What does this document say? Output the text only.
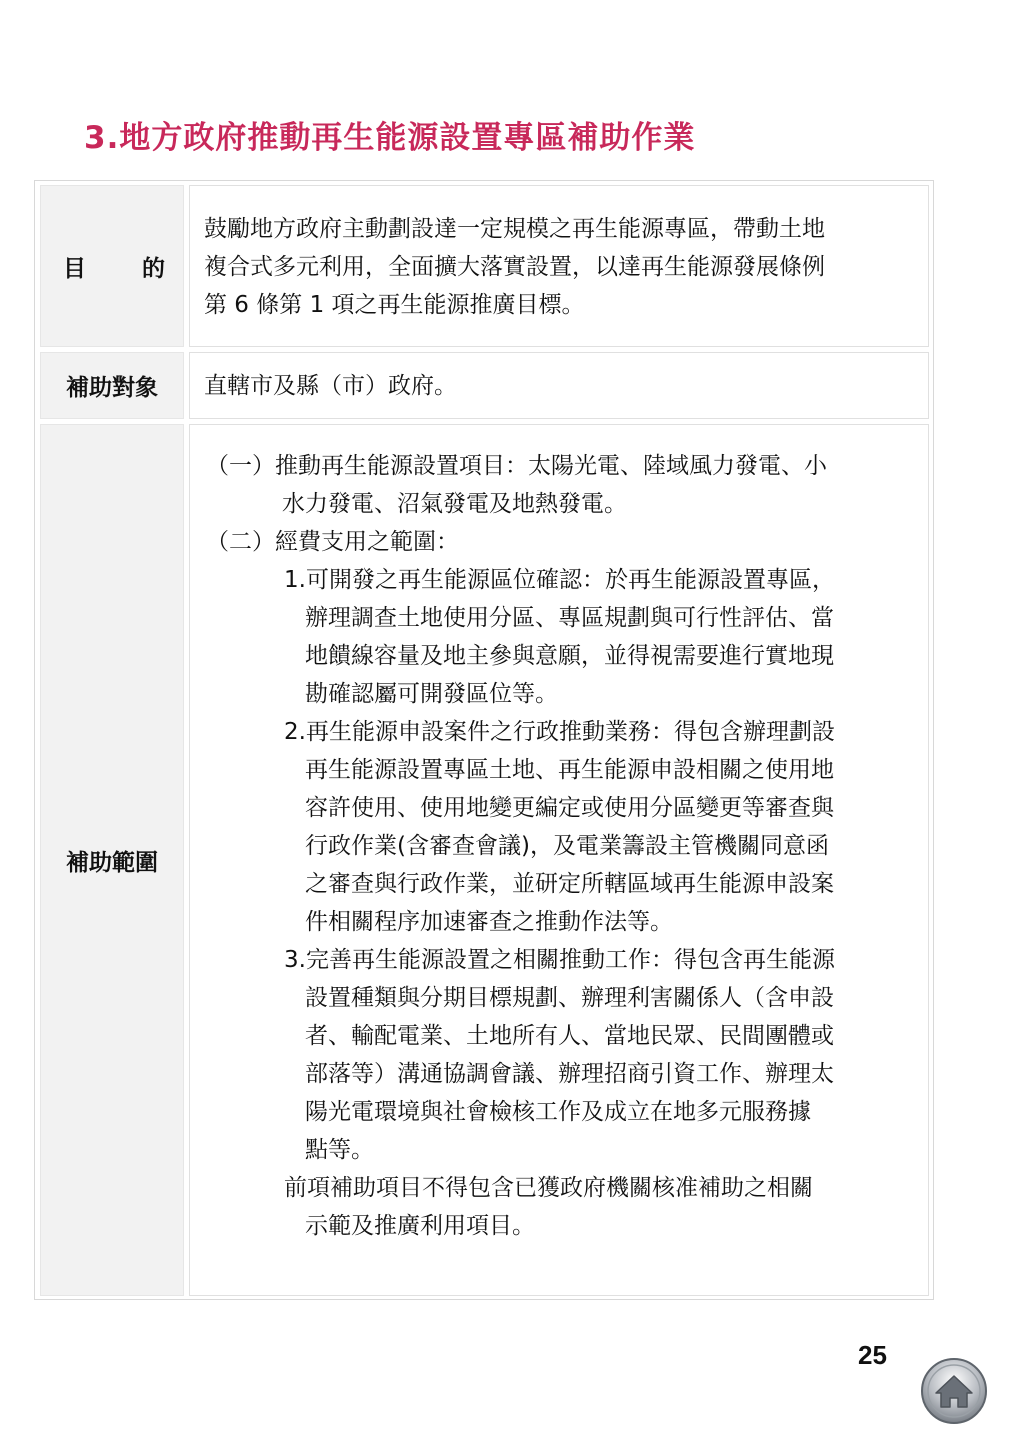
3.地方政府推動再生能源設置專區補助作業
目 的
鼓勵地方政府主動劃設達一定規模之再生能源專區，帶動土地
複合式多元利用，全面擴大落實設置，以達再生能源發展條例
第 6 條第 1 項之再生能源推廣目標。
補助對象	直轄市及縣（市）政府。
補助範圍
（一）推動再生能源設置項目：太陽光電、陸域風力發電、小
水力發電、沼氣發電及地熱發電。
（二）經費支用之範圍：
1.可開發之再生能源區位確認：於再生能源設置專區，
辦理調查土地使用分區、專區規劃與可行性評估、當
地饋線容量及地主參與意願，並得視需要進行實地現
勘確認屬可開發區位等。
2.再生能源申設案件之行政推動業務：得包含辦理劃設
再生能源設置專區土地、再生能源申設相關之使用地
容許使用、使用地變更編定或使用分區變更等審查與
行政作業(含審查會議)，及電業籌設主管機關同意函
之審查與行政作業，並研定所轄區域再生能源申設案
件相關程序加速審查之推動作法等。
3.完善再生能源設置之相關推動工作：得包含再生能源
設置種類與分期目標規劃、辦理利害關係人（含申設
者、輸配電業、土地所有人、當地民眾、民間團體或
部落等）溝通協調會議、辦理招商引資工作、辦理太
陽光電環境與社會檢核工作及成立在地多元服務據
點等。
前項補助項目不得包含已獲政府機關核准補助之相關
示範及推廣利用項目。
25
